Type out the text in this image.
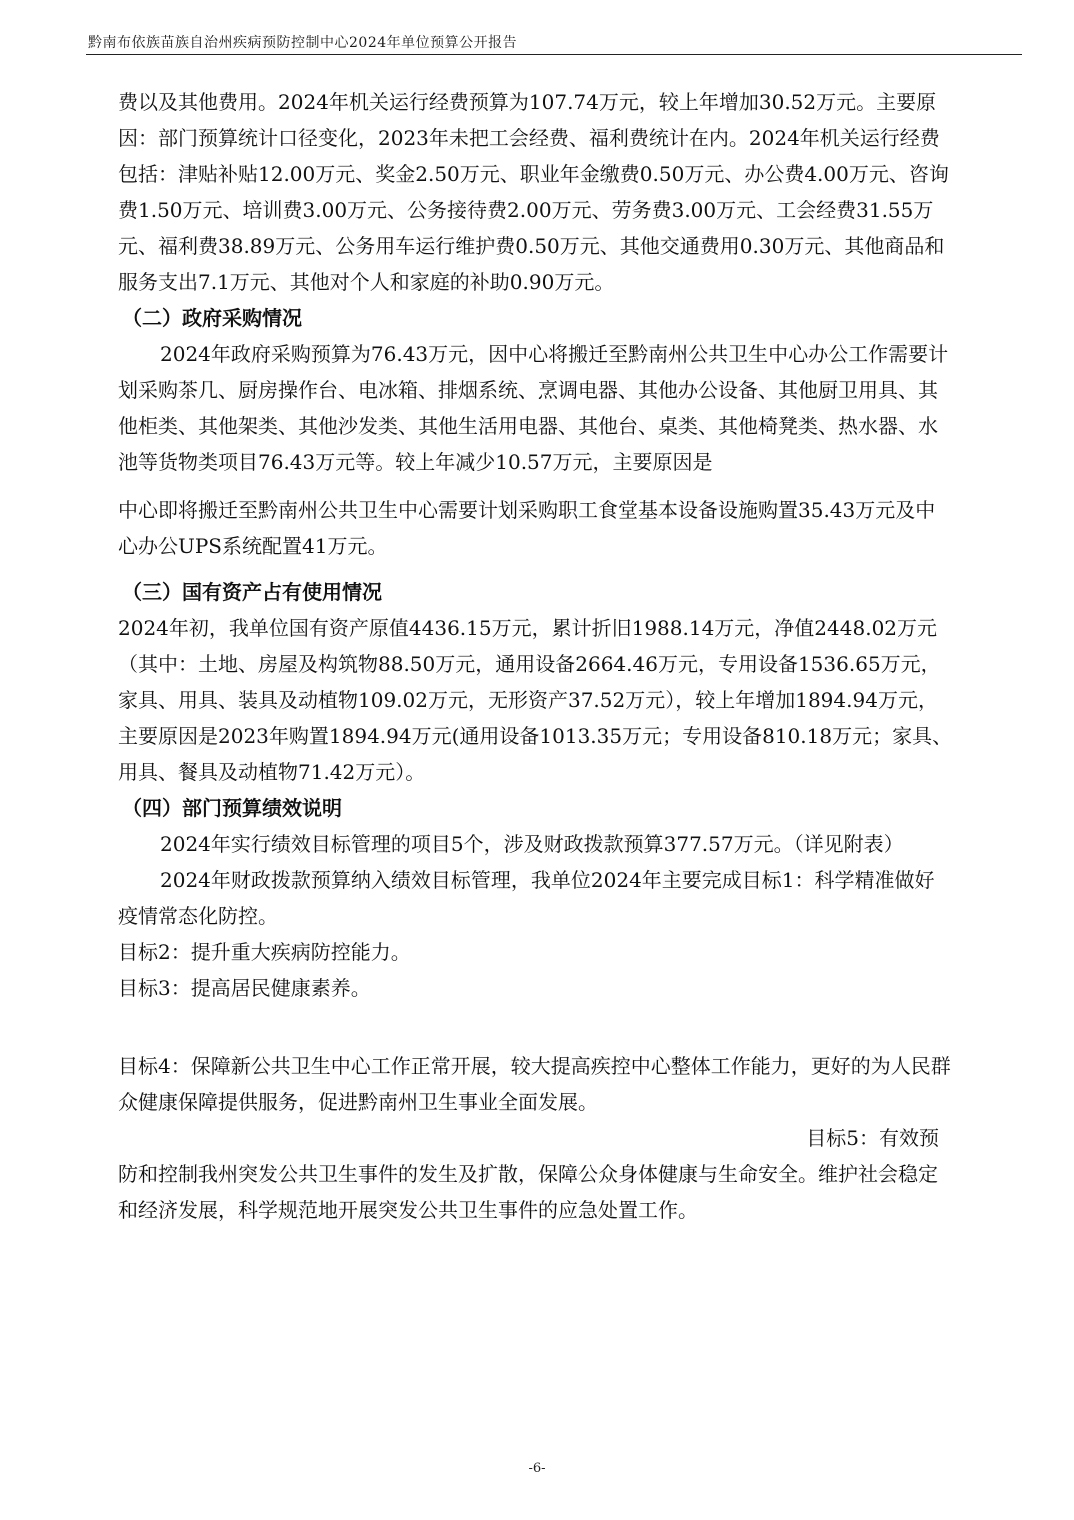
黔南布依族苗族自治州疾病预防控制中心2024年单位预算公开报告

费以及其他费用。2024年机关运行经费预算为107.74万元，较上年增加30.52万元。主要原因：部门预算统计口径变化，2023年未把工会经费、福利费统计在内。2024年机关运行经费包括：津贴补贴12.00万元、奖金2.50万元、职业年金缴费0.50万元、办公费4.00万元、咨询费1.50万元、培训费3.00万元、公务接待费2.00万元、劳务费3.00万元、工会经费31.55万元、福利费38.89万元、公务用车运行维护费0.50万元、其他交通费用0.30万元、其他商品和服务支出7.1万元、其他对个人和家庭的补助0.90万元。

（二）政府采购情况

2024年政府采购预算为76.43万元，因中心将搬迁至黔南州公共卫生中心办公工作需要计划采购茶几、厨房操作台、电冰箱、排烟系统、烹调电器、其他办公设备、其他厨卫用具、其他柜类、其他架类、其他沙发类、其他生活用电器、其他台、桌类、其他椅凳类、热水器、水池等货物类项目76.43万元等。较上年减少10.57万元，主要原因是

中心即将搬迁至黔南州公共卫生中心需要计划采购职工食堂基本设备设施购置35.43万元及中心办公UPS系统配置41万元。

（三）国有资产占有使用情况

2024年初，我单位国有资产原值4436.15万元，累计折旧1988.14万元，净值2448.02万元（其中：土地、房屋及构筑物88.50万元，通用设备2664.46万元，专用设备1536.65万元，家具、用具、装具及动植物109.02万元，无形资产37.52万元），较上年增加1894.94万元，主要原因是2023年购置1894.94万元(通用设备1013.35万元；专用设备810.18万元；家具、用具、餐具及动植物71.42万元）。

（四）部门预算绩效说明

2024年实行绩效目标管理的项目5个，涉及财政拨款预算377.57万元。（详见附表）

2024年财政拨款预算纳入绩效目标管理，我单位2024年主要完成目标1：科学精准做好疫情常态化防控。

目标2：提升重大疾病防控能力。

目标3：提高居民健康素养。

目标4：保障新公共卫生中心工作正常开展，较大提高疾控中心整体工作能力，更好的为人民群众健康保障提供服务，促进黔南州卫生事业全面发展。

目标5：有效预

防和控制我州突发公共卫生事件的发生及扩散，保障公众身体健康与生命安全。维护社会稳定和经济发展，科学规范地开展突发公共卫生事件的应急处置工作。

-6-
